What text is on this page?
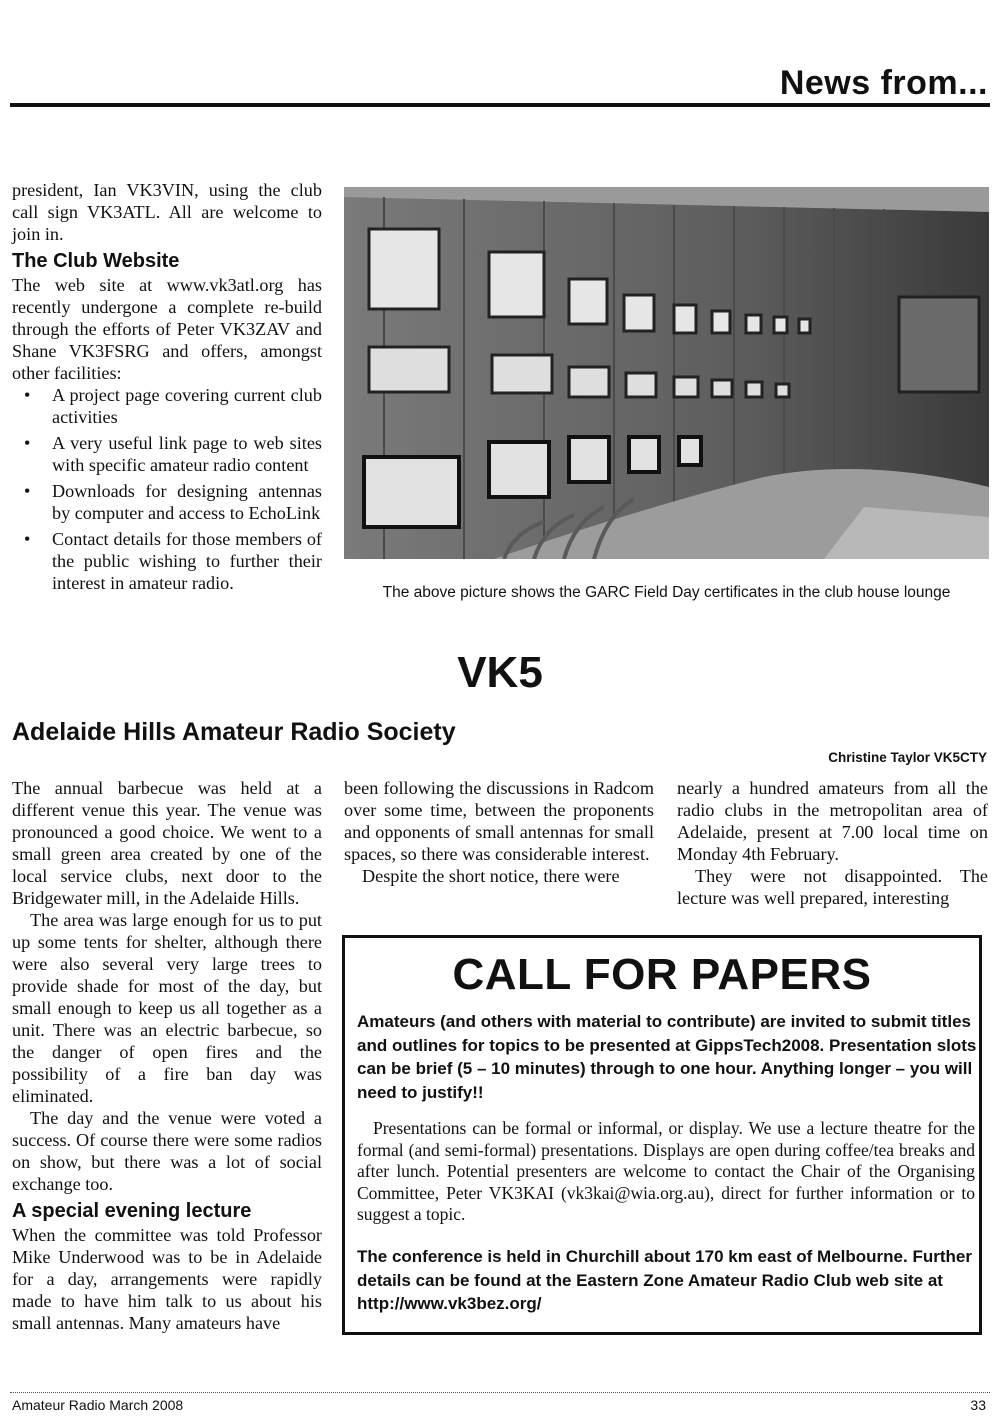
News from...

president, Ian VK3VIN, using the club call sign VK3ATL. All are welcome to join in.

The Club Website

The web site at www.vk3atl.org has recently undergone a complete re-build through the efforts of Peter VK3ZAV and Shane VK3FSRG and offers, amongst other facilities:

• A project page covering current club activities
• A very useful link page to web sites with specific amateur radio content
• Downloads for designing antennas by computer and access to EchoLink
• Contact details for those members of the public wishing to further their interest in amateur radio.	The above picture shows the GARC Field Day certificates in the club house lounge
VK5
Adelaide Hills Amateur Radio Society
Christine Taylor VK5CTY

The annual barbecue was held at a different venue this year. The venue was pronounced a good choice. We went to a small green area created by one of the local service clubs, next door to the Bridgewater mill, in the Adelaide Hills.

The area was large enough for us to put up some tents for shelter, although there were also several very large trees to provide shade for most of the day, but small enough to keep us all together as a unit. There was an electric barbecue, so the danger of open fires and the possibility of a fire ban day was eliminated.

The day and the venue were voted a success. Of course there were some radios on show, but there was a lot of social exchange too.

A special evening lecture

When the committee was told Professor Mike Underwood was to be in Adelaide for a day, arrangements were rapidly made to have him talk to us about his small antennas. Many amateurs have

been following the discussions in Radcom over some time, between the proponents and opponents of small antennas for small spaces, so there was considerable interest.

Despite the short notice, there were

nearly a hundred amateurs from all the radio clubs in the metropolitan area of Adelaide, present at 7.00 local time on Monday 4th February.

They were not disappointed. The lecture was well prepared, interesting

CALL FOR PAPERS
Amateurs (and others with material to contribute) are invited to submit titles and outlines for topics to be presented at GippsTech2008. Presentation slots can be brief (5 – 10 minutes) through to one hour. Anything longer – you will need to justify!!
Presentations can be formal or informal, or display. We use a lecture theatre for the formal (and semi-formal) presentations. Displays are open during coffee/tea breaks and after lunch. Potential presenters are welcome to contact the Chair of the Organising Committee, Peter VK3KAI (vk3kai@wia.org.au), direct for further information or to suggest a topic.
The conference is held in Churchill about 170 km east of Melbourne. Further details can be found at the Eastern Zone Amateur Radio Club web site at http://www.vk3bez.org/
Amateur Radio March 2008	33
